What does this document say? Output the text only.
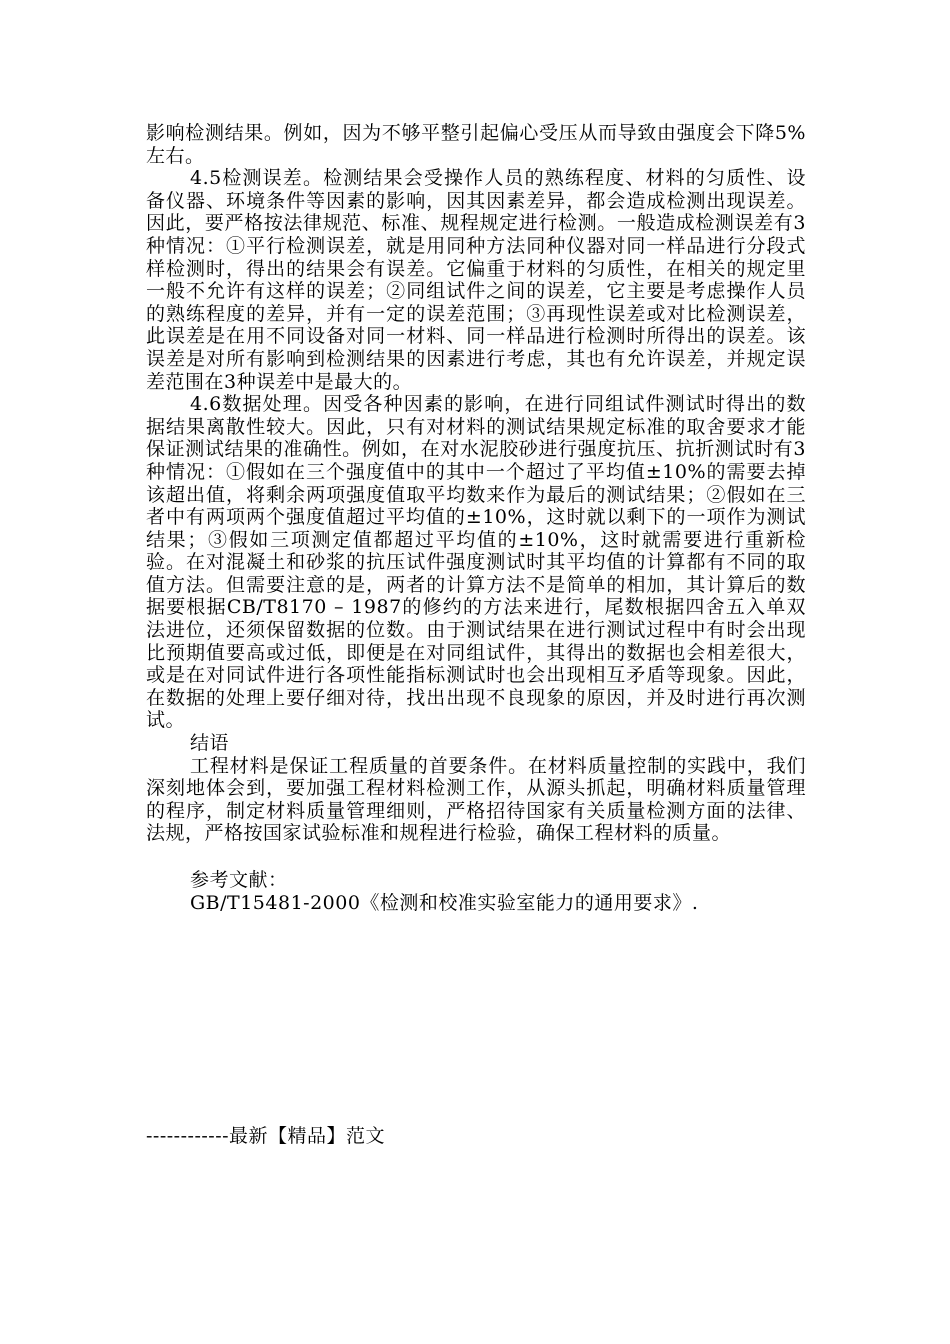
影响检测结果。例如，因为不够平整引起偏心受压从而导致由强度会下降5%左右。

4.5检测误差。检测结果会受操作人员的熟练程度、材料的匀质性、设备仪器、环境条件等因素的影响，因其因素差异，都会造成检测出现误差。因此，要严格按法律规范、标准、规程规定进行检测。一般造成检测误差有3种情况：①平行检测误差，就是用同种方法同种仪器对同一样品进行分段式样检测时，得出的结果会有误差。它偏重于材料的匀质性，在相关的规定里一般不允许有这样的误差；②同组试件之间的误差，它主要是考虑操作人员的熟练程度的差异，并有一定的误差范围；③再现性误差或对比检测误差，此误差是在用不同设备对同一材料、同一样品进行检测时所得出的误差。该误差是对所有影响到检测结果的因素进行考虑，其也有允许误差，并规定误差范围在3种误差中是最大的。

4.6数据处理。因受各种因素的影响，在进行同组试件测试时得出的数据结果离散性较大。因此，只有对材料的测试结果规定标准的取舍要求才能保证测试结果的准确性。例如，在对水泥胶砂进行强度抗压、抗折测试时有3种情况：①假如在三个强度值中的其中一个超过了平均值±10%的需要去掉该超出值，将剩余两项强度值取平均数来作为最后的测试结果；②假如在三者中有两项两个强度值超过平均值的±10%，这时就以剩下的一项作为测试结果；③假如三项测定值都超过平均值的±10%，这时就需要进行重新检验。在对混凝土和砂浆的抗压试件强度测试时其平均值的计算都有不同的取值方法。但需要注意的是，两者的计算方法不是简单的相加，其计算后的数据要根据CB/T8170 – 1987的修约的方法来进行，尾数根据四舍五入单双法进位，还须保留数据的位数。由于测试结果在进行测试过程中有时会出现比预期值要高或过低，即便是在对同组试件，其得出的数据也会相差很大，或是在对同试件进行各项性能指标测试时也会出现相互矛盾等现象。因此，在数据的处理上要仔细对待，找出出现不良现象的原因，并及时进行再次测试。

结语

工程材料是保证工程质量的首要条件。在材料质量控制的实践中，我们深刻地体会到，要加强工程材料检测工作，从源头抓起，明确材料质量管理的程序，制定材料质量管理细则，严格招待国家有关质量检测方面的法律、法规，严格按国家试验标准和规程进行检验，确保工程材料的质量。

参考文献：

GB/T15481-2000《检测和校准实验室能力的通用要求》.

------------最新【精品】范文
